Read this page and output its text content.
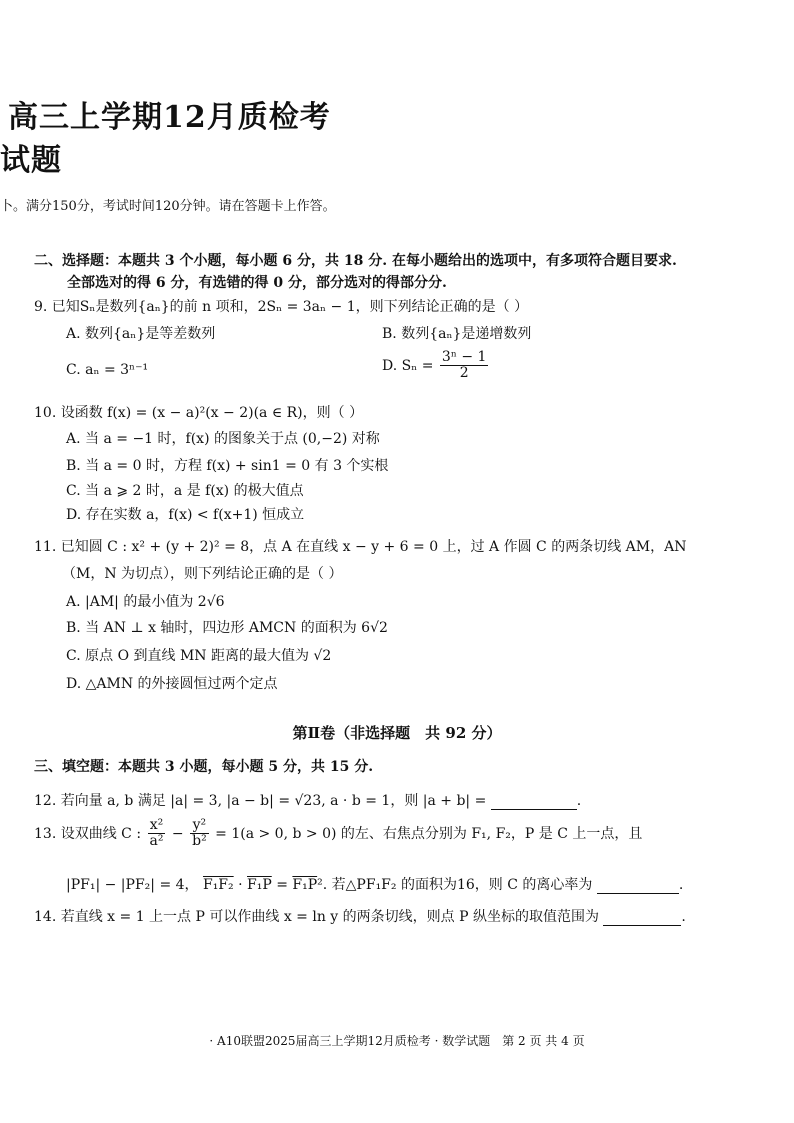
高三上学期12月质检考
试题
卜。满分150分，考试时间120分钟。请在答题卡上作答。
二、选择题：本题共 3 个小题，每小题 6 分，共 18 分. 在每小题给出的选项中，有多项符合题目要求.
全部选对的得 6 分，有选错的得 0 分，部分选对的得部分分.
9. 已知Sₙ是数列{aₙ}的前 n 项和，2Sₙ = 3aₙ − 1，则下列结论正确的是（ ）
A. 数列{aₙ}是等差数列	B. 数列{aₙ}是递增数列
C. aₙ = 3ⁿ⁻¹	D. $S_n = \frac{\text{3ⁿ − 1}}{2}$
10. 设函数 f(x) = (x − a)²(x − 2)(a ∈ R)，则（ ）
A. 当 a = −1 时，f(x) 的图象关于点 (0,−2) 对称
B. 当 a = 0 时，方程 f(x) + sin1 = 0 有 3 个实根
C. 当 a ⩾ 2 时，a 是 f(x) 的极大值点
D. 存在实数 a，f(x) < f(x+1) 恒成立
11. 已知圆 C : x² + (y + 2)² = 8，点 A 在直线 x − y + 6 = 0 上，过 A 作圆 C 的两条切线 AM，AN
（M，N 为切点），则下列结论正确的是（ ）
A. |AM| 的最小值为 2√6
B. 当 AN ⊥ x 轴时，四边形 AMCN 的面积为 6√2
C. 原点 O 到直线 MN 距离的最大值为 √2
D. △AMN 的外接圆恒过两个定点
第Ⅱ卷（非选择题　共 92 分）
三、填空题：本题共 3 小题，每小题 5 分，共 15 分.
12. 若向量 a, b 满足 |a| = 3, |a − b| = √23, a · b = 1，则 |a + b| =	.
13. 设双曲线 C : $\frac{\text{x²}}{\text{a²}} - \frac{\text{y²}}{\text{b²}} = 1(a > 0$, b > 0) 的左、右焦点分别为 F₁, F₂，P 是 C 上一点，且
|PF₁| − |PF₂| = 4， F₁F₂ · F₁P = F₁P². 若△PF₁F₂ 的面积为16，则 C 的离心率为	.
14. 若直线 x = 1 上一点 P 可以作曲线 x = ln y 的两条切线，则点 P 纵坐标的取值范围为	.
· A10联盟2025届高三上学期12月质检考 · 数学试题　第 2 页 共 4 页
